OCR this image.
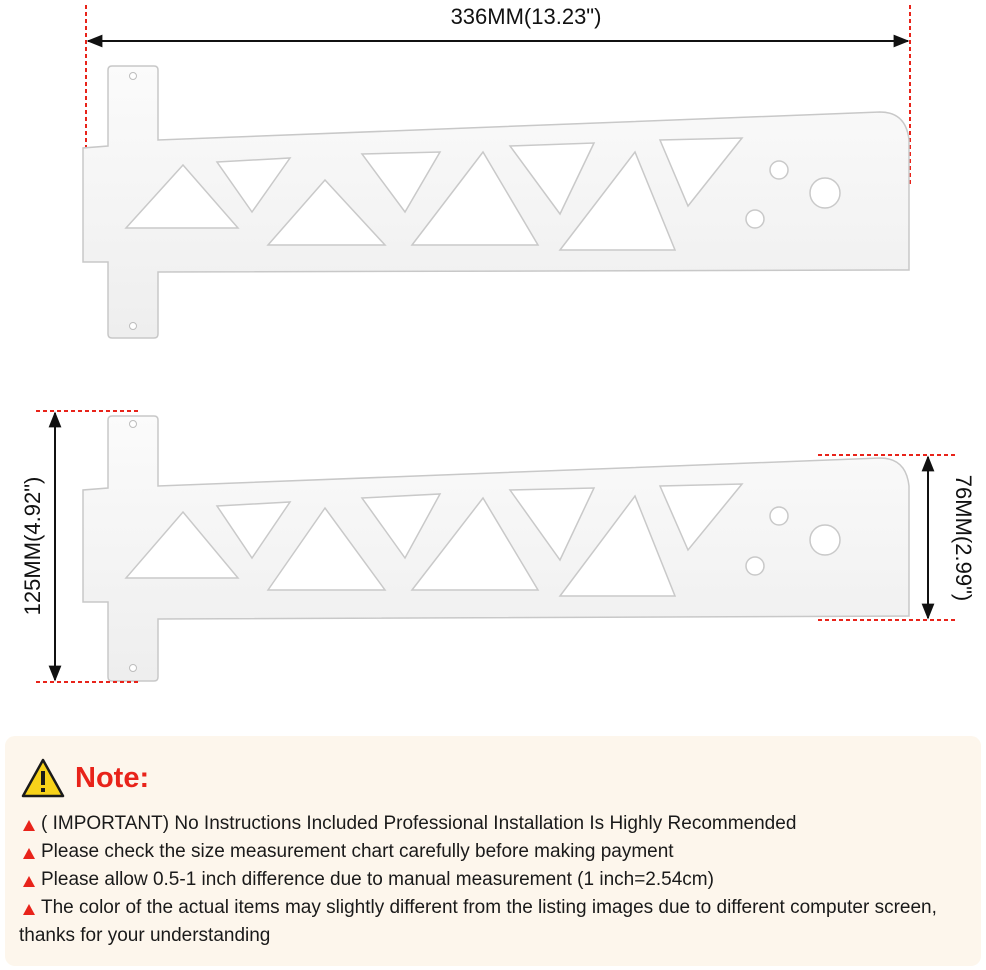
336MM(13.23")
125MM(4.92")	76MM(2.99")
Note:
( IMPORTANT) No Instructions Included Professional Installation Is Highly Recommended
Please check the size measurement chart carefully before making payment
Please allow 0.5-1 inch difference due to manual measurement (1 inch=2.54cm)
The color of the actual items may slightly different from the listing images due to different computer screen, thanks for your understanding
